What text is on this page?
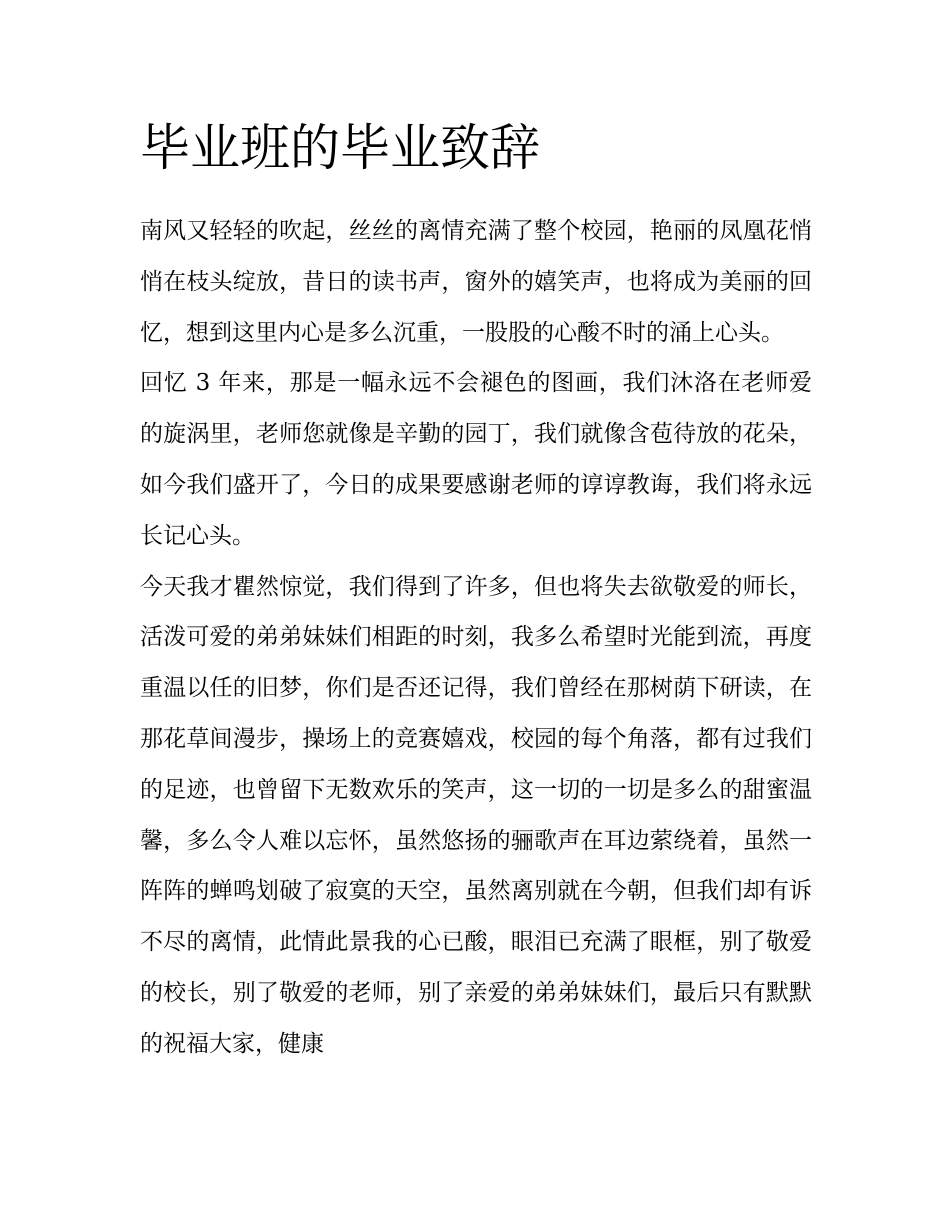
毕业班的毕业致辞

南风又轻轻的吹起，丝丝的离情充满了整个校园，艳丽的凤凰花悄悄在枝头绽放，昔日的读书声，窗外的嬉笑声，也将成为美丽的回忆，想到这里内心是多么沉重，一股股的心酸不时的涌上心头。

回忆 3 年来，那是一幅永远不会褪色的图画，我们沐洛在老师爱的旋涡里，老师您就像是辛勤的园丁，我们就像含苞待放的花朵，如今我们盛开了，今日的成果要感谢老师的谆谆教诲，我们将永远长记心头。

今天我才瞿然惊觉，我们得到了许多，但也将失去欲敬爱的师长，活泼可爱的弟弟妹妹们相距的时刻，我多么希望时光能到流，再度重温以任的旧梦，你们是否还记得，我们曾经在那树荫下研读，在那花草间漫步，操场上的竞赛嬉戏，校园的每个角落，都有过我们的足迹，也曾留下无数欢乐的笑声，这一切的一切是多么的甜蜜温馨，多么令人难以忘怀，虽然悠扬的骊歌声在耳边萦绕着，虽然一阵阵的蝉鸣划破了寂寞的天空，虽然离别就在今朝，但我们却有诉不尽的离情，此情此景我的心已酸，眼泪已充满了眼框，别了敬爱的校长，别了敬爱的老师，别了亲爱的弟弟妹妹们，最后只有默默的祝福大家，健康
